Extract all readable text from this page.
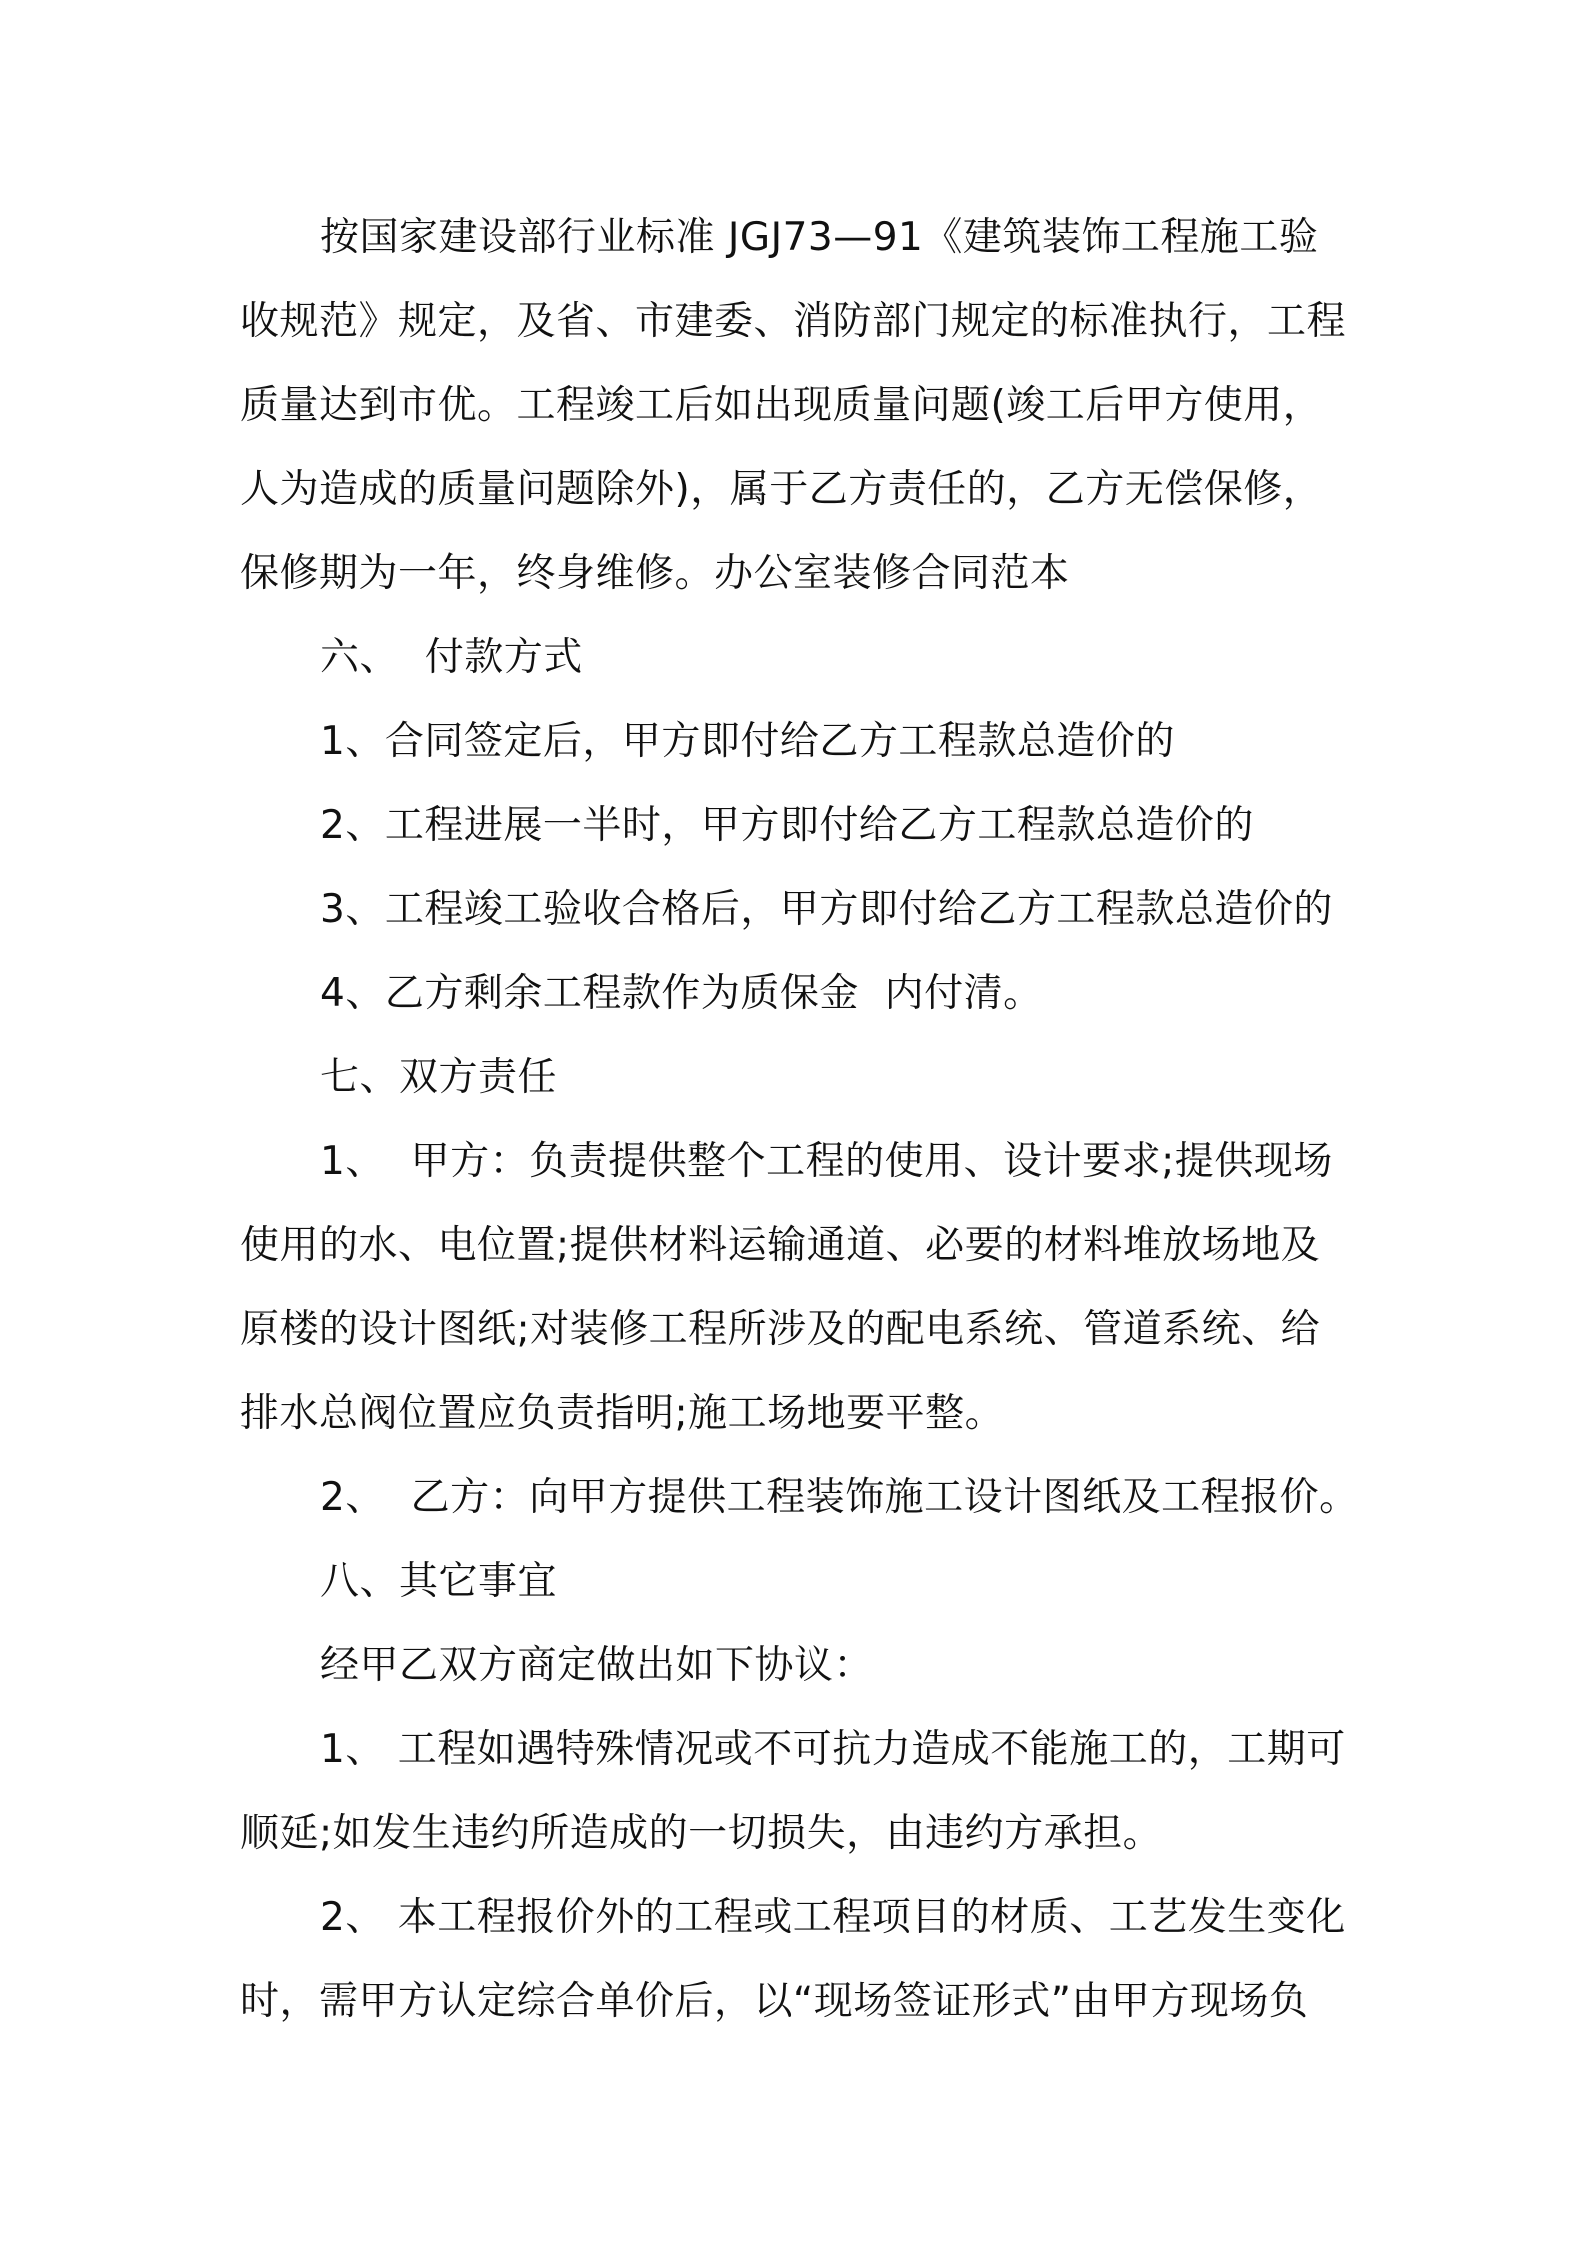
按国家建设部行业标准 JGJ73—91《建筑装饰工程施工验
收规范》规定，及省、市建委、消防部门规定的标准执行，工程
质量达到市优。工程竣工后如出现质量问题(竣工后甲方使用，
人为造成的质量问题除外)，属于乙方责任的，乙方无偿保修，
保修期为一年，终身维修。办公室装修合同范本
六、  付款方式
1、合同签定后，甲方即付给乙方工程款总造价的
2、工程进展一半时，甲方即付给乙方工程款总造价的
3、工程竣工验收合格后，甲方即付给乙方工程款总造价的
4、乙方剩余工程款作为质保金  内付清。
七、双方责任
1、  甲方：负责提供整个工程的使用、设计要求;提供现场
使用的水、电位置;提供材料运输通道、必要的材料堆放场地及
原楼的设计图纸;对装修工程所涉及的配电系统、管道系统、给
排水总阀位置应负责指明;施工场地要平整。
2、  乙方：向甲方提供工程装饰施工设计图纸及工程报价。
八、其它事宜
经甲乙双方商定做出如下协议：
1、 工程如遇特殊情况或不可抗力造成不能施工的，工期可
顺延;如发生违约所造成的一切损失，由违约方承担。
2、 本工程报价外的工程或工程项目的材质、工艺发生变化
时，需甲方认定综合单价后，以“现场签证形式”由甲方现场负
